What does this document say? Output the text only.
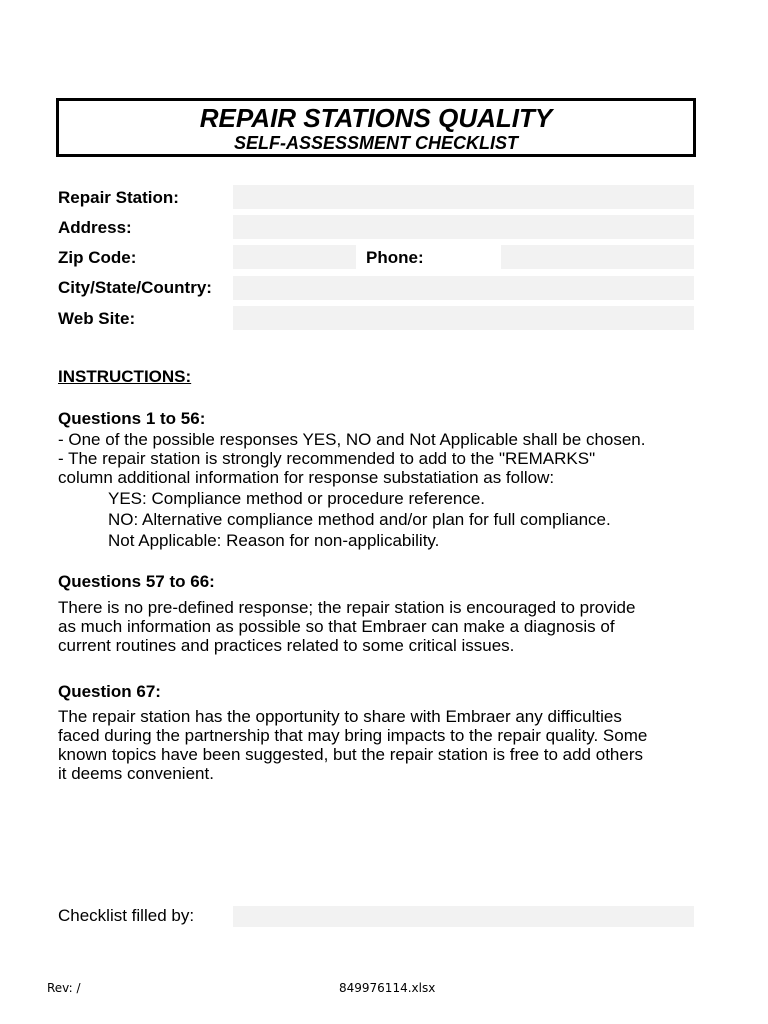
REPAIR STATIONS QUALITY
SELF-ASSESSMENT CHECKLIST
Repair Station:
Address:
Zip Code:	Phone:
City/State/Country:
Web Site:
INSTRUCTIONS:
Questions 1 to 56:
- One of the possible responses YES, NO and Not Applicable shall be chosen.
- The repair station is strongly recommended to add to the "REMARKS"
column additional information for response substatiation as follow:
YES: Compliance method or procedure reference.
NO: Alternative compliance method and/or plan for full compliance.
Not Applicable: Reason for non-applicability.
Questions 57 to 66:
There is no pre-defined response; the repair station is encouraged to provide
as much information as possible so that Embraer can make a diagnosis of
current routines and practices related to some critical issues.
Question 67:
The repair station has the opportunity to share with Embraer any difficulties
faced during the partnership that may bring impacts to the repair quality. Some
known topics have been suggested, but the repair station is free to add others
it deems convenient.
Checklist filled by:
Rev: /	849976114.xlsx
